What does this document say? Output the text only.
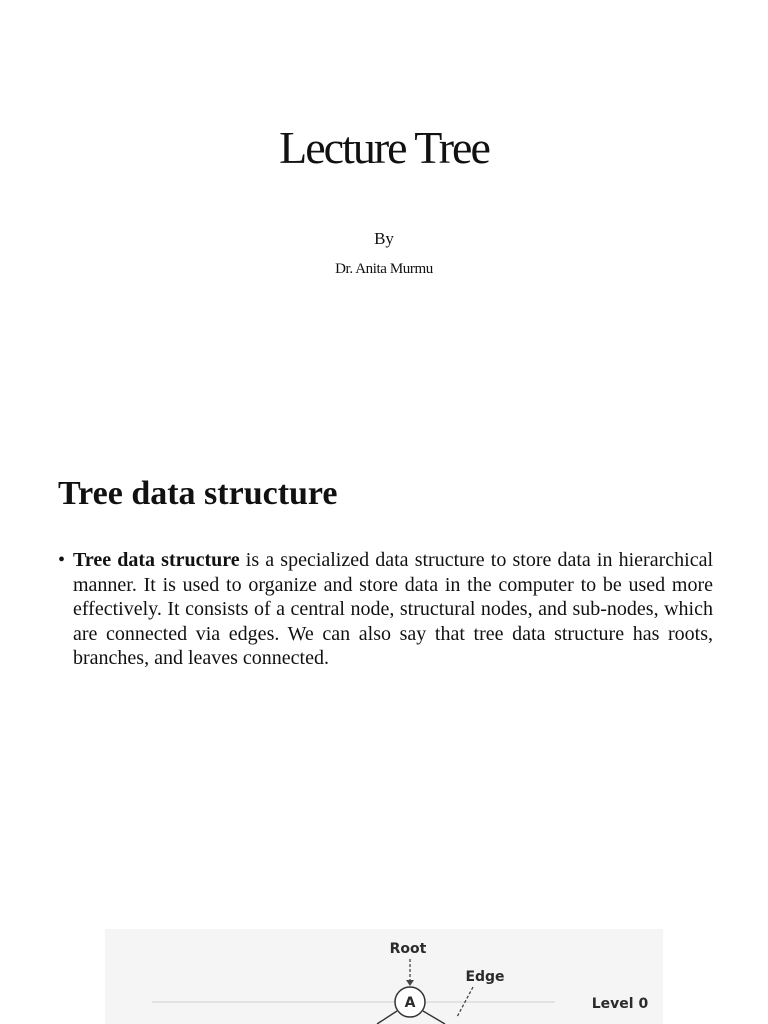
Lecture Tree
By
Dr. Anita Murmu
Tree data structure
• Tree data structure is a specialized data structure to store data in hierarchical manner. It is used to organize and store data in the computer to be used more effectively. It consists of a central node, structural nodes, and sub-nodes, which are connected via edges. We can also say that tree data structure has roots, branches, and leaves connected.
Root
Edge
A	Level 0
